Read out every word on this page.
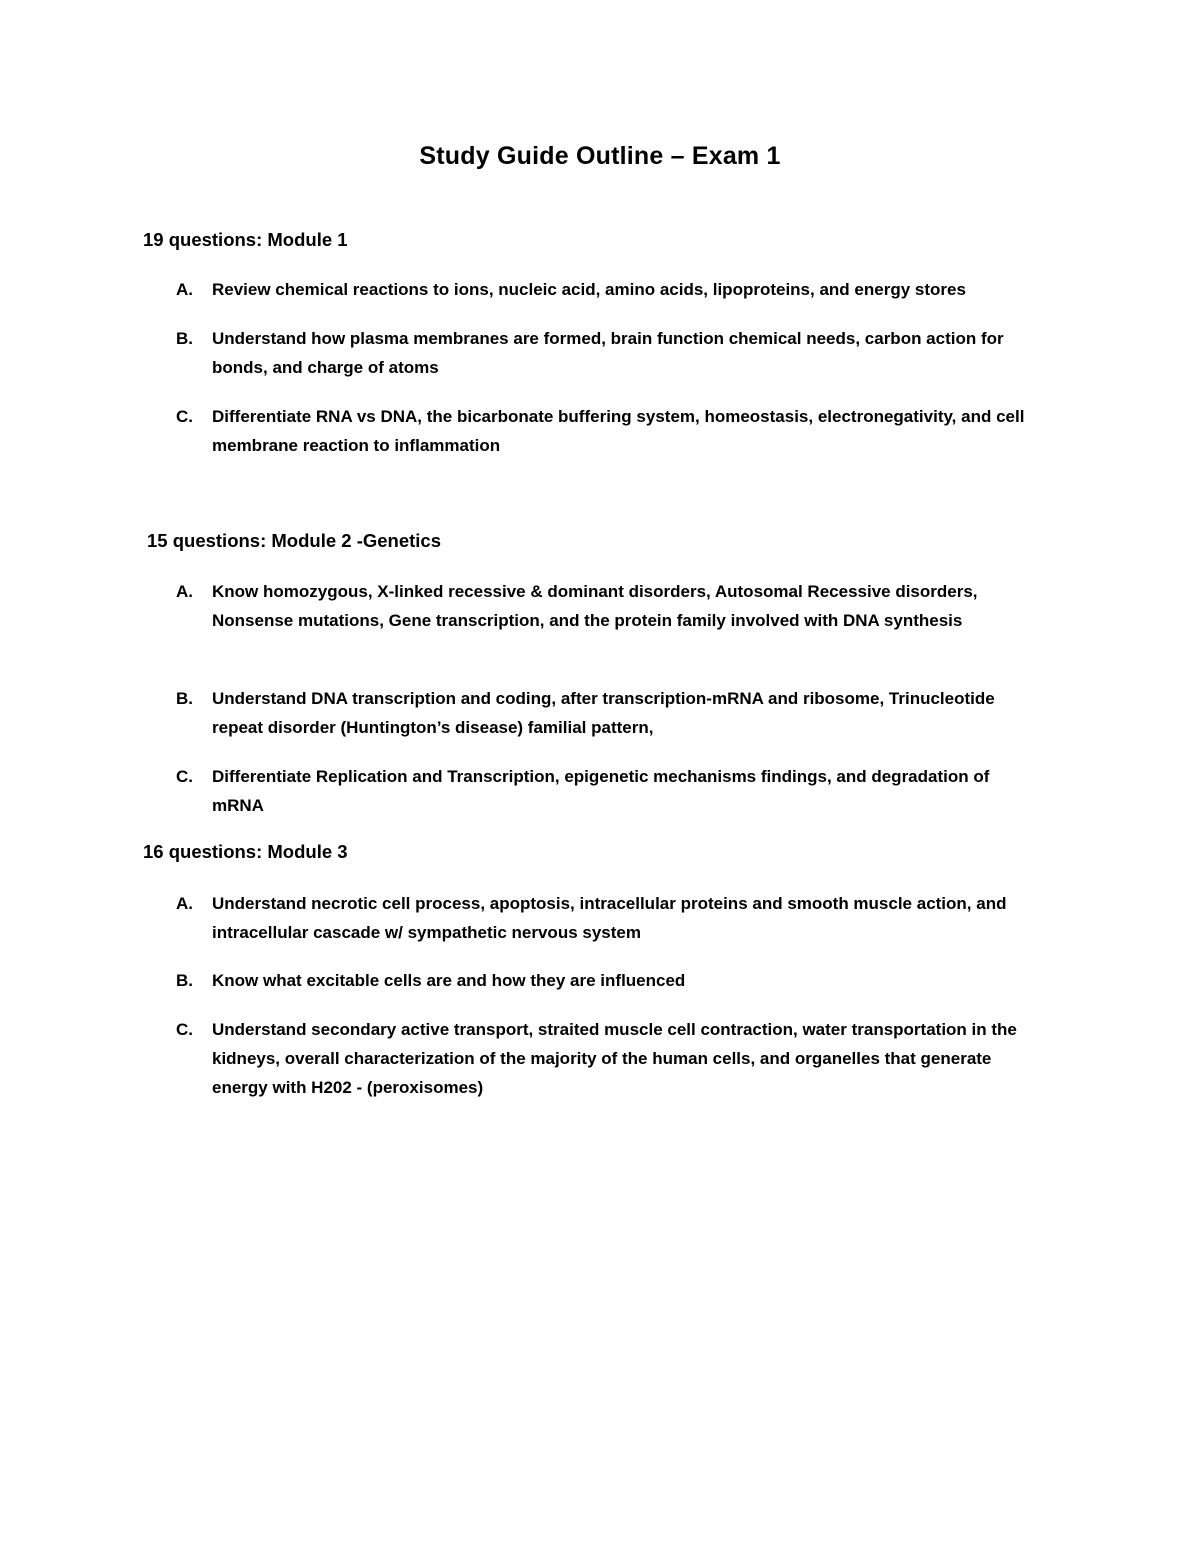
Study Guide Outline – Exam 1
19 questions: Module 1
A.	Review chemical reactions to ions, nucleic acid, amino acids, lipoproteins, and energy stores
B.	Understand how plasma membranes are formed, brain function chemical needs, carbon action for bonds, and charge of atoms
C.	Differentiate RNA vs DNA, the bicarbonate buffering system, homeostasis, electronegativity, and cell membrane reaction to inflammation
15 questions: Module 2 -Genetics
A.	Know homozygous, X-linked recessive & dominant disorders, Autosomal Recessive disorders, Nonsense mutations, Gene transcription, and the protein family involved with DNA synthesis
B.	Understand DNA transcription and coding, after transcription-mRNA and ribosome, Trinucleotide repeat disorder (Huntington’s disease) familial pattern,
C.	Differentiate Replication and Transcription, epigenetic mechanisms findings, and degradation of mRNA
16 questions: Module 3
A.	Understand necrotic cell process, apoptosis, intracellular proteins and smooth muscle action, and intracellular cascade w/ sympathetic nervous system
B.	Know what excitable cells are and how they are influenced
C.	Understand secondary active transport, straited muscle cell contraction, water transportation in the kidneys, overall characterization of the majority of the human cells, and organelles that generate energy with H202 - (peroxisomes)
